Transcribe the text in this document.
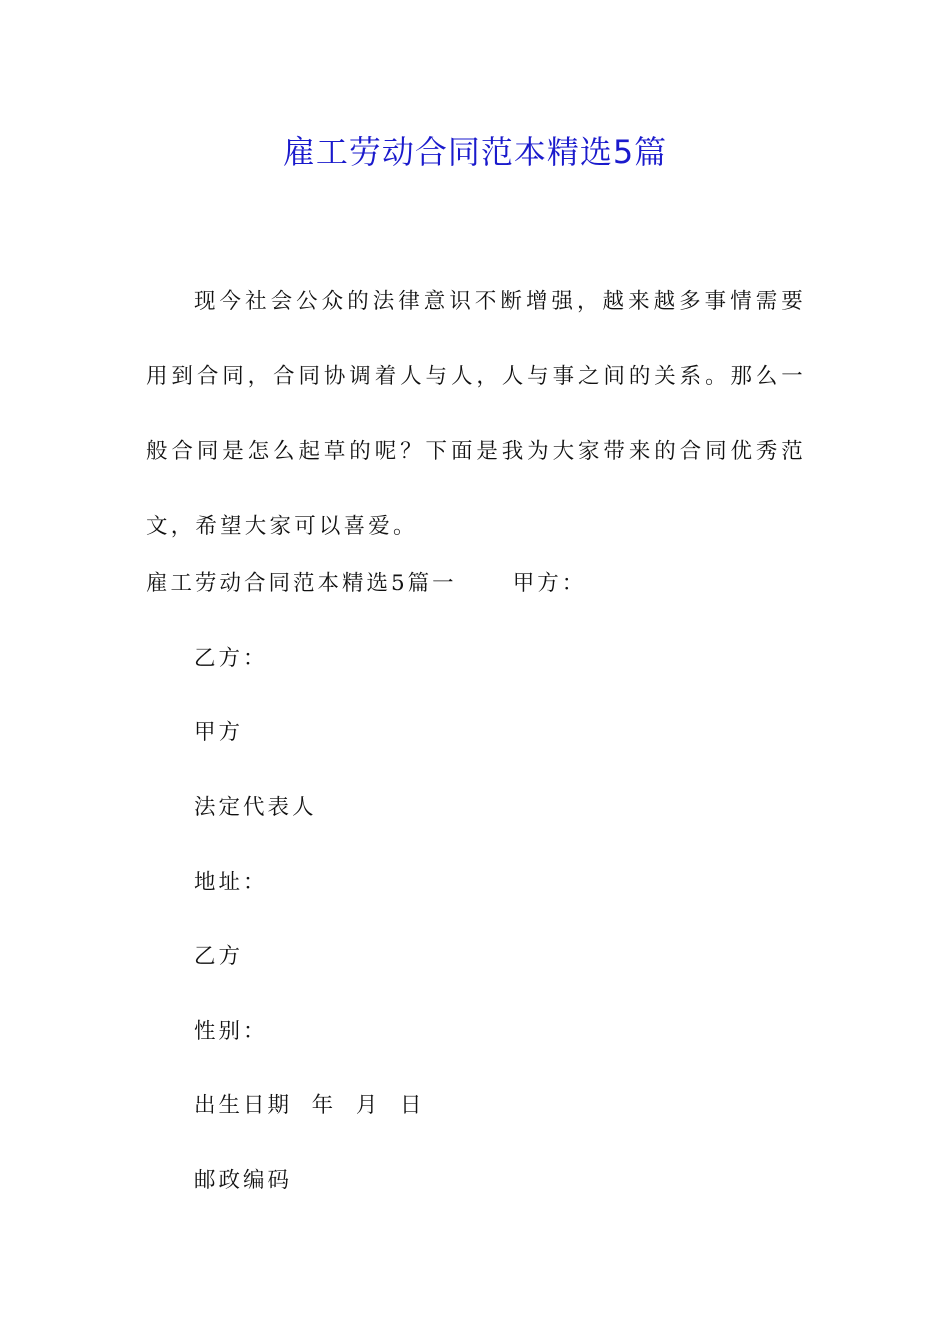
雇工劳动合同范本精选5篇

现今社会公众的法律意识不断增强，越来越多事情需要用到合同，合同协调着人与人，人与事之间的关系。那么一般合同是怎么起草的呢？下面是我为大家带来的合同优秀范文，希望大家可以喜爱。

雇工劳动合同范本精选5篇一	甲方：

乙方：

甲方

法定代表人

地址：

乙方

性别：

出生日期  年  月  日

邮政编码
